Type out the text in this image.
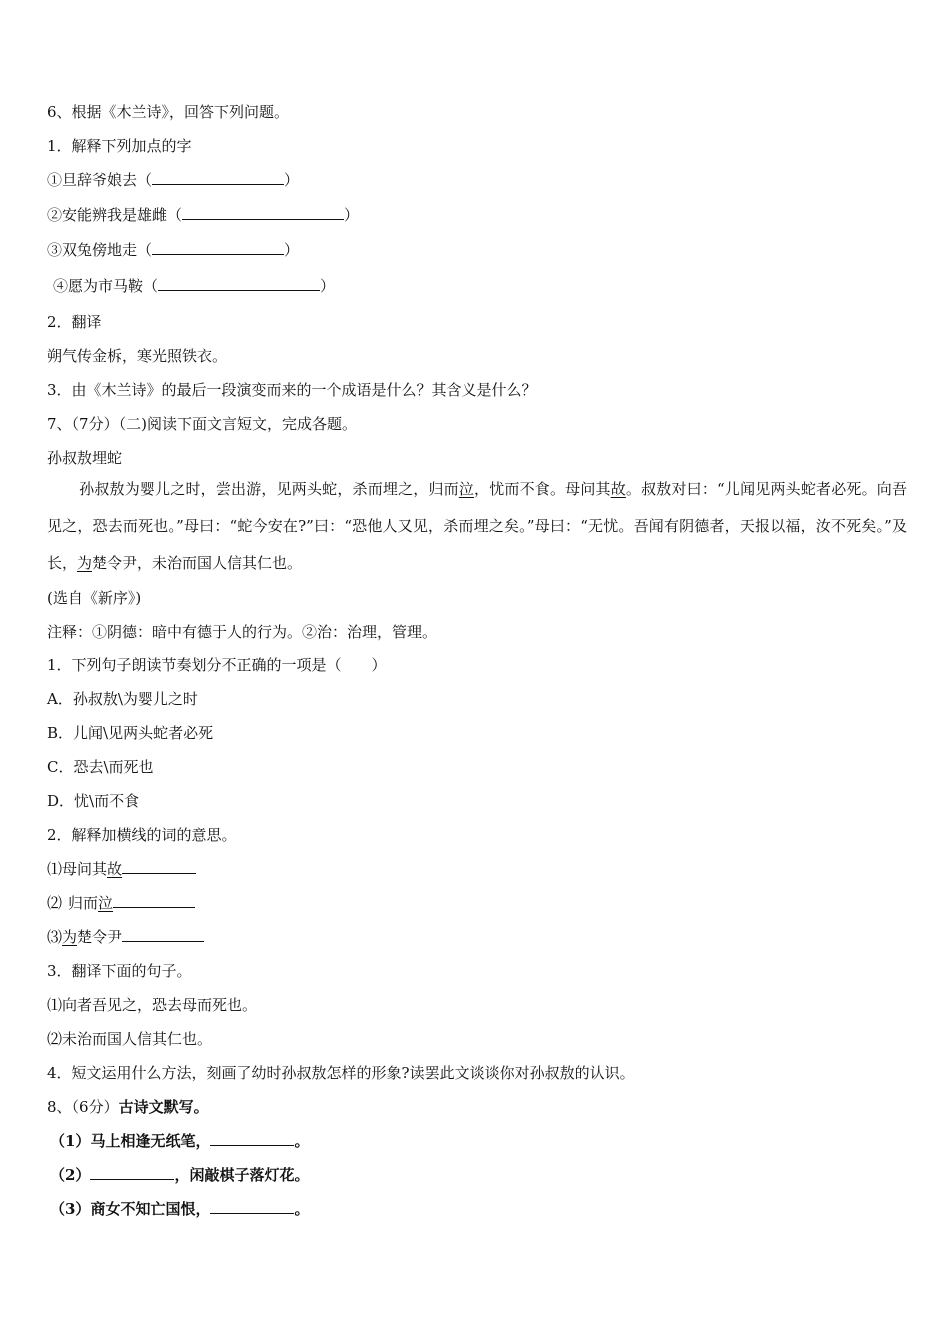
6、根据《木兰诗》，回答下列问题。
1．解释下列加点的字
①旦辞爷娘去（	）
②安能辨我是雄雌（	）
③双兔傍地走（	）
④愿为市马鞍（	）
2．翻译
朔气传金柝，寒光照铁衣。
3．由《木兰诗》的最后一段演变而来的一个成语是什么？其含义是什么？
7、（7分）（二)阅读下面文言短文，完成各题。
孙叔敖埋蛇
孙叔敖为婴儿之时，尝出游，见两头蛇，杀而埋之，归而泣，忧而不食。母问其故。叔敖对曰：“儿闻见两头蛇者必死。向吾见之，恐去而死也。”母曰：“蛇今安在?”曰：“恐他人又见，杀而埋之矣。”母曰：“无忧。吾闻有阴德者，天报以福，汝不死矣。”及长，为楚令尹，未治而国人信其仁也。
(选自《新序》)
注释：①阴德：暗中有德于人的行为。②治：治理，管理。
1．下列句子朗读节奏划分不正确的一项是（　　）
A．孙叔敖\为婴儿之时
B．儿闻\见两头蛇者必死
C．恐去\而死也
D．忧\而不食
2．解释加横线的词的意思。
⑴母问其故
⑵ 归而泣
⑶为楚令尹
3．翻译下面的句子。
⑴向者吾见之，恐去母而死也。
⑵未治而国人信其仁也。
4．短文运用什么方法，刻画了幼时孙叔敖怎样的形象?读罢此文谈谈你对孙叔敖的认识。
8、（6分）古诗文默写。
（1）马上相逢无纸笔，	。
（2）	，闲敲棋子落灯花。
（3）商女不知亡国恨，	。
